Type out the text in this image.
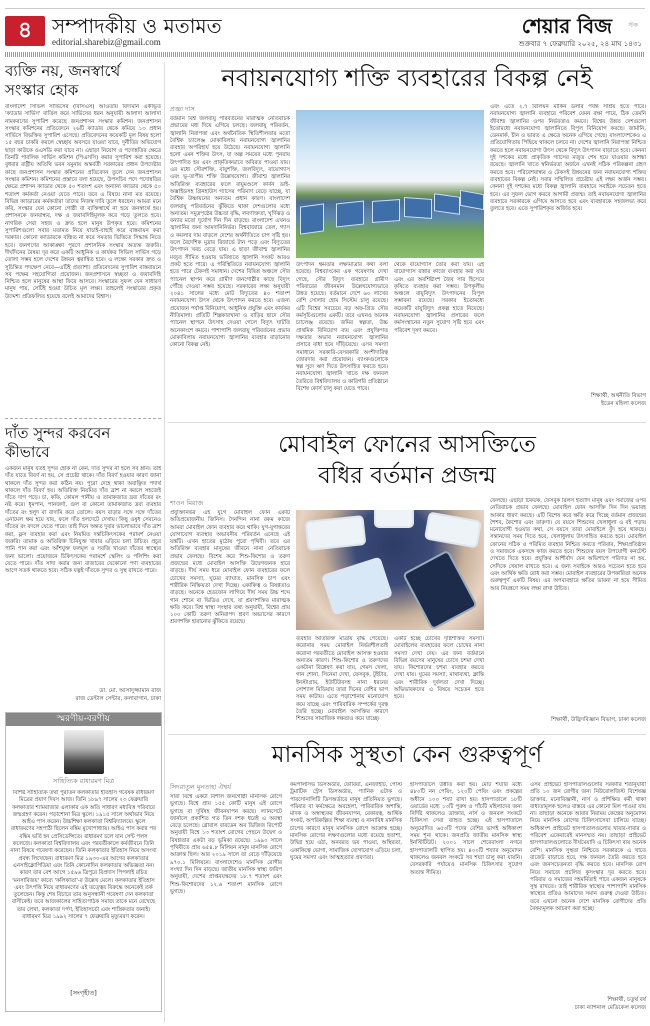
৪ সম্পাদকীয় ও মতামত
editorial.sharebiz@gmail.com
শেয়ার বিজ	স্টক
শুক্রবার ৭ ফেব্রুয়ারি ২০২৫, ২৪ মাঘ ১৪৩১
ব্যক্তি নয়, জনস্বার্থে সংস্কার হোক
বাংলাদেশ সিভিল সার্ভিসের (বিসিএস) আওতায় বিদ্যমান একীভূত 'ক্যাডার সার্ভিস' বাতিল করে সার্ভিসের ধরন অনুযায়ী আলাদা আলাদা নামকরণের সুপারিশ করেছে জনপ্রশাসন সংস্কার কমিশন। জনপ্রশাসন সংস্কার কমিশনের প্রতিবেদনে ২৬টি ক্যাডার থেকে কমিয়ে ১৩ প্রধান সার্ভিসে বিভক্তির সুপারিশ এসেছে। প্রতিবেদনের কয়েকটি মূল বিষয় হলো ১৫ বছর চাকরি করলে স্বেচ্ছায় অবসরে যাওয়া যাবে, দুর্নীতির অভিযোগ ছাড়া কাউকে ওএসডি করা যাবে না। এছাড়া নিয়োগ ও পদোন্নতির ক্ষেত্রে তিনটি পাবলিক সার্ভিস কমিশন (পিএসসি) করার সুপারিশ করা হয়েছে। বুধবার রাষ্ট্রীয় অতিথি ভবন যমুনায় অন্তর্বর্তী সরকারের প্রধান উপদেষ্টার কাছে জনপ্রশাসন সংস্কার কমিশনের প্রতিবেদন তুলে দেন জনপ্রশাসন সংস্কার কমিশন। কমিশনের প্রস্তাবে বলা হয়েছে, উপসচিব পদে পদোন্নতির ক্ষেত্রে প্রশাসন ক্যাডার থেকে ৫০ শতাংশ এবং অন্যান্য ক্যাডার থেকে ৫০ শতাংশ কর্মকর্তা নেওয়া যেতে পারে। তবে এ বিষয়ে নানা মত রয়েছে। বিভিন্ন ক্যাডারের কর্মকর্তারা তাদের নিজস্ব দাবি তুলে ধরছেন। আমরা মনে করি, সংস্কার যেন কোনো গোষ্ঠী বা ব্যক্তিস্বার্থে না হয়ে জনস্বার্থে হয়। প্রশাসনকে জনবান্ধব, দক্ষ ও জবাবদিহিমূলক করে গড়ে তুলতে হবে। নাগরিক সেবা সহজ ও দ্রুত হলে মানুষ উপকৃত হবে। কমিশনের সুপারিশগুলো সবার মতামত নিয়ে যাচাই-বাছাই করে বাস্তবায়ন করা দরকার। কোনো ক্যাডারকে বঞ্চিত না করে সমতার ভিত্তিতে সিদ্ধান্ত নিতে হবে। জনগণের আকাঙ্ক্ষা পূরণে প্রশাসনিক সংস্কার অত্যন্ত জরুরি। দীর্ঘদিনের বৈষম্য দূর করে একটি আধুনিক ও কার্যকর সিভিল সার্ভিস গড়ে তোলা সম্ভব হলে দেশের উন্নয়ন ত্বরান্বিত হবে। এ লক্ষ্যে সরকার দ্রুত ও সুচিন্তিত পদক্ষেপ নেবে—এটিই প্রত্যাশা। প্রতিবেদনের সুপারিশ বাস্তবায়নে সব পক্ষের সহযোগিতা প্রয়োজন। জনপ্রশাসনে স্বচ্ছতা ও জবাবদিহি নিশ্চিত হলে মানুষের আস্থা ফিরে আসবে। সংস্কারের সুফল যেন সাধারণ মানুষ পায়, সেটিই হওয়া উচিত মূল লক্ষ্য। তাহলেই সংস্কারের প্রকৃত উদ্দেশ্য প্রতিফলিত হয়েছে বলেই আমাদের বিশ্বাস।
দাঁত সুন্দর করবেন কীভাবে
একজন মানুষ যতই সুন্দর হোক না কেন, দাঁত সুন্দর না হলে সব ম্লান। তাই দাঁত যাতে বিবর্ণ না হয়, সে প্রচেষ্টা থাকে। দাঁত বিবর্ণ হওয়ার কারণ জানা থাকলে দাঁত সুন্দর করা কঠিন নয়। পুরো দেহে থাকা অবাঞ্ছিত পদার্থ থাকলে দাঁত বিবর্ণ হয়। অতিরিক্ত নিয়মিত দাঁত ব্রাশ না করলে সহজেই দাঁতে দাগ পড়ে। চা, কফি, কোমল পানীয় ও তামাকজাত দ্রব্য দাঁতের রং নষ্ট করে। ধূমপান, পানজর্দা, গুল বা কোনো তামাকজাত দ্রব্য ব্যবহার দাঁতের রং হলুদ বা বাদামি করে তোলে। বয়স বাড়ার সঙ্গে সঙ্গে দাঁতের এনামেল ক্ষয় হয়ে যায়, ফলে দাঁত হলদেটে দেখায়। কিছু ওষুধ সেবনেও দাঁতের রং বদলে যেতে পারে। তাই দিনে অন্তত দুবার ভালোভাবে দাঁত ব্রাশ করা, ফ্লস ব্যবহার করা এবং নিয়মিত দন্তচিকিৎসকের পরামর্শ নেওয়া জরুরি। তামাক ও অতিরিক্ত চিনিযুক্ত খাবার এড়িয়ে চলা উচিত। প্রচুর পানি পান করা এবং আঁশযুক্ত ফলমূল ও সবজি খাওয়া দাঁতের স্বাস্থ্যের জন্য ভালো। প্রয়োজনে চিকিৎসকের পরামর্শে স্কেলিং ও পলিশিং করা যেতে পারে। দাঁত সাদা করার জন্য বাজারের যেকোনো পণ্য ব্যবহারের আগে সতর্ক থাকতে হবে। সঠিক যত্নই দাঁতকে সুন্দর ও সুস্থ রাখতে পারে।
ডা. মো. আসাদুজ্জামান রাজ
রাজ ডেন্টাল সেন্টার, কলাবাগান, ঢাকা
স্মরণীয়-বরণীয়
সাহিত্যিক রাধারমণ মিত্র
বিশিষ্ট সাহিত্যিক তথা পুরাতন কলকাতার ইতিহাস গবেষক রাধারমণ মিত্রের প্রয়াণ দিবস আজ। তিনি ১৮৯৭ সালের ২৩ ফেব্রুয়ারি কলকাতার শ্যামবাজার এলাকার এক অতি সাধারণ মধ্যবিত্ত পরিবারে জন্মগ্রহণ করেন। পড়াশোনা মিত্র স্কুলে। ১৯১৫ সালে অর্থাভাব নিয়ে আইএ পাস করেন। উচ্চশিক্ষা কলকাতা বিশ্ববিদ্যালয়ে। স্কুলে রাধারমণের সহপাঠী ছিলেন বঙ্কিম মুখোপাধ্যায়। আইএ পাস করার পর বঙ্কিম ভর্তি হন প্রেসিডেন্সিতে। রাধারমণ চলে যান সেন্ট পলস কলেজে। কলকাতা বিশ্ববিদ্যালয় এবং পরবর্তীকালে কর্মজীবনে তিনি নানা বিষয়ে গবেষণা করেছেন। তিনি কলকাতার ইতিহাস নিয়ে অসংখ্য প্রবন্ধ লিখেছেন। রাধারমণ মিত্র ১৯৩০-এর আগের কলকাতার এনসাইক্লোপিডিয়া এবং তিনি কোনোদিন কলকাতার অভিজ্ঞতা নন। কারণ তার বেশ আগে ১৫৯৬ ত্রিপুরে বিপ্রদাস পিপলাই রচিত 'মনসাবিজয়' কাব্যে 'কলিকাতা'-র উল্লেখ মেলে। কলকাতার ইতিহাস এবং উৎপত্তি নিয়ে রাধারমণের এই তত্ত্বের বিরুদ্ধে অনেকেই তর্ক তুলেছেন। কিন্তু শেষ বিচারে তার অনুসন্ধানী গবেষণা দেন কলকাতা বাসীকেই। তবে আজকালের সাহিত্যপাঠক সমাজ তাকে মনে রেখেছে তার লেখা, কলকাতা দর্পণ, ইতিহাসচর্চা এবং শাস্ত্রিকতার জন্যই। রাধারমণ মিত্র ১৯৯২ সালের ৭ ফেব্রুয়ারি মৃত্যুবরণ করেন।
[সংগৃহীত]
নবায়নযোগ্য শক্তি ব্যবহারের বিকল্প নেই
প্রজ্ঞা দাস
বর্তমান বিশ্ব জলবায়ু পরিবর্তনের মারাত্মক নেতিবাচক প্রভাবের মধ্য দিয়ে এগিয়ে চলছে। জলবায়ু পরিবর্তন, জ্বালানি নিরাপত্তা এবং অর্থনৈতিক স্থিতিশীলতার মতো বৈশ্বিক চ্যালেঞ্জ মোকাবিলায় নবায়নযোগ্য জ্বালানির ব্যবহার অপরিহার্য হয়ে উঠেছে। নবায়নযোগ্য জ্বালানি হলো এমন শক্তির উৎস, যা অল্প সময়ের মধ্যে পুনরায় উৎপাদিত হয় এবং প্রাকৃতিকভাবে অবিরত পাওয়া যায়। এর মধ্যে সৌরশক্তি, বায়ুশক্তি, জলবিদ্যুৎ, বায়োগ্যাস এবং ভূ-তাপীয় শক্তি উল্লেখযোগ্য। জীবাশ্ম জ্বালানির অতিরিক্ত ব্যবহারের ফলে বায়ুমণ্ডলে কার্বন ডাই-অক্সাইডসহ গ্রিনহাউস গ্যাসের পরিমাণ বেড়ে যাচ্ছে, যা বৈশ্বিক উষ্ণায়নের অন্যতম প্রধান কারণ। বাংলাদেশ জলবায়ু পরিবর্তনের ঝুঁকিতে থাকা দেশগুলোর মধ্যে অন্যতম। সমুদ্রপৃষ্ঠের উচ্চতা বৃদ্ধি, লবণাক্ততা, ঘূর্ণিঝড় ও বন্যার মতো দুর্যোগ দিন দিন বাড়ছে। বাংলাদেশ এখনও জ্বালানির জন্য আমদানিনির্ভর। বিশ্ববাজারে তেল, গ্যাস ও কয়লার দাম বাড়লে দেশের অর্থনীতিতে চাপ সৃষ্টি হয়। ফলে বৈদেশিক মুদ্রার রিজার্ভে টান পড়ে এবং বিদ্যুতের উৎপাদন খরচ বেড়ে যায়। এ ছাড়া জীবাশ্ম জ্বালানির মজুত সীমিত হওয়ায় ভবিষ্যতে জ্বালানি সংকট আরও প্রকট হতে পারে। এ পরিস্থিতিতে নবায়নযোগ্য জ্বালানি হতে পারে টেকসই সমাধান। দেশের বিভিন্ন অঞ্চলে সৌর প্যানেল স্থাপন করে গ্রামীণ জনগোষ্ঠীর কাছে বিদ্যুৎ পৌঁছে দেওয়া সম্ভব হয়েছে। সরকারের লক্ষ্য অনুযায়ী ২০৪১ সালের মধ্যে মোট বিদ্যুতের ৪০ শতাংশ নবায়নযোগ্য উৎস থেকে উৎপাদন করতে হবে। এজন্য প্রয়োজন পর্যাপ্ত বিনিয়োগ, আধুনিক প্রযুক্তি এবং কার্যকর নীতিমালা। প্রতিটি শিল্পকারখানা ও বাড়ির ছাদে সৌর প্যানেল স্থাপনে উৎসাহ দেওয়া গেলে বিদ্যুৎ ঘাটতি অনেকাংশে কমবে। পাশাপাশি জলবায়ু পরিবর্তনের প্রভাব মোকাবিলায় নবায়নযোগ্য জ্বালানির ব্যবহার বাড়ানোর কোনো বিকল্প নেই।
উৎপাদন ক্ষমতার লক্ষ্যমাত্রার কথা বলা হয়েছে। বিশ্বব্যাংকের এক গবেষণায় দেখা গেছে, সৌর বিদ্যুৎ ব্যবহারে গ্রামীণ পরিবারের জীবনমান উল্লেখযোগ্যভাবে উন্নত হয়েছে। বর্তমানে দেশে ৬০ লাখের বেশি সোলার হোম সিস্টেম চালু রয়েছে। এটি বিশ্বের সবচেয়ে বড় অফ-গ্রিড সৌর কর্মসূচিগুলোর একটি। তবে এখনও অনেক চ্যালেঞ্জ রয়েছে। জমির স্বল্পতা, উচ্চ প্রাথমিক বিনিয়োগ ব্যয় এবং প্রযুক্তিগত দক্ষতার অভাব নবায়নযোগ্য জ্বালানির প্রসারে বাধা হয়ে দাঁড়িয়েছে। এসব সমস্যা সমাধানে সরকারি-বেসরকারি অংশীদারিত্ব জোরদার করা প্রয়োজন। ব্যাংকগুলোকে স্বল্প সুদে ঋণ দিতে উৎসাহিত করতে হবে। নবায়নযোগ্য জ্বালানি খাতে দক্ষ জনবল তৈরিতে বিশ্ববিদ্যালয় ও কারিগরি প্রতিষ্ঠানে বিশেষ কোর্স চালু করা যেতে পারে।
থেকে বায়োগ্যাস তৈরি করা যায়। এই বায়োগ্যাস রান্নার কাজে ব্যবহার করা যায় এবং এর অবশিষ্টাংশ জৈব সার হিসেবে কৃষিতে ব্যবহার করা সম্ভব। উপকূলীয় অঞ্চলে বায়ুবিদ্যুৎ উৎপাদনের বিপুল সম্ভাবনা রয়েছে। সরকার ইতোমধ্যে কয়েকটি বায়ুবিদ্যুৎ প্রকল্প হাতে নিয়েছে। নবায়নযোগ্য জ্বালানির প্রসারের ফলে কর্মসংস্থানের নতুন সুযোগ সৃষ্টি হবে এবং পরিবেশ দূষণ কমবে।
এবং এতে ২.৭ বিলিয়ন মার্কিন ডলার পর্যন্ত সাশ্রয় হতে পারে। নবায়নযোগ্য জ্বালানি ব্যবহারে পরিবেশ যেমন রক্ষা পাবে, ঠিক তেমনি জীবাশ্ম জ্বালানির ওপর নির্ভরতাও কমবে। বিশ্বের উন্নত দেশগুলো ইতোমধ্যে নবায়নযোগ্য জ্বালানিতে বিপুল বিনিয়োগ করছে। জার্মানি, ডেনমার্ক, চীন ও ভারত এ ক্ষেত্রে অনেক এগিয়ে গেছে। বাংলাদেশকেও এ প্রতিযোগিতায় পিছিয়ে থাকলে চলবে না। দেশের জ্বালানি নিরাপত্তা নিশ্চিত করতে হলে নবায়নযোগ্য উৎস থেকে বিদ্যুৎ উৎপাদন বাড়াতে হবে। কেননা দুই দশকের মধ্যে প্রাকৃতিক গ্যাসের মজুত শেষ হয়ে যাওয়ার আশঙ্কা রয়েছে। জ্বালানি খাতে স্বনির্ভরতা অর্জনে এখনই সঠিক পরিকল্পনা গ্রহণ করতে হবে। পরিবেশবান্ধব ও টেকসই উন্নয়নের জন্য নবায়নযোগ্য শক্তির ব্যবহারের বিকল্প নেই। সবার সম্মিলিত প্রচেষ্টায় এই লক্ষ্য অর্জন সম্ভব। কেননা দুই দশকের মধ্যে বিকল্প জ্বালানি ব্যবহারে সবাইকে সচেতন হতে হবে। এর সুফল ভোগ করবে আগামী প্রজন্ম। তাই নবায়নযোগ্য জ্বালানির ব্যবহারে সরকারকে এগিয়ে আসতে হবে এবং ব্যবহারকে সহজলভ্য করে তুলতে হবে। এতে সুপারিশকৃত অর্জিত হবে।
শিক্ষার্থী, অর্থনীতি বিভাগ
ইডেন মহিলা কলেজ
মোবাইল ফোনের আসক্তিতে
বধির বর্তমান প্রজন্ম
শাওন মিরাজ
প্রযুক্তিনির্ভর এই যুগে মোবাইল ফোন একটি অতিপ্রয়োজনীয় জিনিস। দৈনন্দিন নানা রকম কাজে আমরা মোবাইল ফোন ব্যবহার করে থাকি। যুগ-যুগান্তরের যোগাযোগ ব্যবস্থার অভাবনীয় পরিবর্তন এনেছে এই যন্ত্রটি। এখন হাতের মুঠোয় পুরো পৃথিবী। তবে এর অতিরিক্ত ব্যবহার মানুষের জীবনে নানা নেতিবাচক প্রভাব ফেলছে। বিশেষ করে শিশু-কিশোর ও তরুণ প্রজন্মের মধ্যে মোবাইল আসক্তি উদ্বেগজনক হারে বাড়ছে। দীর্ঘ সময় ধরে মোবাইল ফোন ব্যবহারের ফলে চোখের সমস্যা, ঘুমের ব্যাঘাত, মানসিক চাপ এবং শারীরিক নিষ্ক্রিয়তা দেখা দিচ্ছে। একাকিত্ব ও বিষণ্ণতাও বাড়ছে। অনেকে হেডফোন লাগিয়ে দীর্ঘ সময় উচ্চ শব্দে গান শোনে বা ভিডিও দেখে, যা শ্রবণশক্তির মারাত্মক ক্ষতি করে। বিশ্ব স্বাস্থ্য সংস্থার তথ্য অনুযায়ী, বিশ্বের প্রায় ১০০ কোটি তরুণ অনিরাপদ শ্রবণ অভ্যাসের কারণে শ্রবণশক্তি হারানোর ঝুঁকিতে রয়েছে।
ব্যবহার অতিরিক্ত মাত্রায় বৃদ্ধি পেয়েছে। করোনার সময় মোবাইল নির্ভরশীলতাই করোনা পরবর্তীতে মোবাইল আসক্ত হওয়ার অন্যতম কারণ। শিশু-কিশোর ও তরুণদের একটানা বিশ্লেষণ করা যায়, গেমস খেলা, গান শোনা, সিনেমা দেখা, ফেসবুক, টুইটার, ইনস্টাগ্রাম, ইউটিউবসহ নানা ধরনের সোশ্যাল মিডিয়ায় তারা দিনের বেশির ভাগ সময় কাটায়। এতে পড়াশোনায় মনোযোগ কমে যাচ্ছে এবং পারিবারিক সম্পর্কের দূরত্ব তৈরি হচ্ছে। মোবাইল আসক্তির কারণে শিশুদের সামাজিক দক্ষতাও কমে যাচ্ছে।
একটি হচ্ছে চোখের দৃষ্টিশক্তির সমস্যা। মোবাইলের ব্যবহারের ফলে চোখের নানা সমস্যা দেখা দেয়। এর জন্য বর্তমানে বিভিন্ন বয়সের মানুষের চোখে চশমা দেখা যায়। কিশোরদের চশমা ব্যবহার করতে দেখা যায়। ঘুমের সমস্যা, মাথাব্যথা, ক্লান্তি এবং শারীরিক দুর্বলতা দেখা দিচ্ছে। অভিভাবকদের এ বিষয়ে সচেতন হতে হবে।
ফেলছে। এছাড়া টিকটক, ফেসবুক রিলস ইত্যাদি মানুষ এবং সমাজের ওপর নেতিবাচক প্রভাব ফেলছে। মোবাইল ফোন আসক্তি দিন দিন ভয়াবহ আকার ধারণ করছে। এটি বিশেষ করে ক্ষতি করে দিচ্ছে বর্তমান প্রজন্মের শৈশব, কৈশোর এবং তারুণ্য। যে বয়সে শিশুদের খেলাধুলা ও বই পড়ায় মনোযোগী হওয়ার কথা, সে বয়সে তারা মোবাইলে বুঁদ হয়ে থাকছে। সন্তানদের সময় দিতে হবে, খেলাধুলায় উৎসাহিত করতে হবে। মোবাইল ফোনের সঠিক ও পরিমিত ব্যবহার নিশ্চিত করতে পরিবার, শিক্ষাপ্রতিষ্ঠান ও সমাজকে একসঙ্গে কাজ করতে হবে। শিশুদের বয়স উপযোগী কনটেন্ট দেখতে দিতে হবে। প্রযুক্তির আশীর্বাদ যেন অভিশাপে পরিণত না হয়, সেদিকে খেয়াল রাখতে হবে। এ জন্য সবাইকে আরও সচেতন হতে হবে এবং আর্থিক ক্ষতি রোধ করা সম্ভব। মোবাইল ব্যবহারের উপকারিতা অনেক গুরুত্বপূর্ণ একটি বিষয়। এর অপব্যবহারে ক্ষতির ভাবনা না হয়ে সীমিত আর নিয়ন্ত্রণে সময় লক্ষ্য রাখা উচিত।
শিক্ষার্থী, উদ্ভিদবিজ্ঞান বিভাগ, ঢাকা কলেজ
মানসিক সুস্থতা কেন গুরুত্বপূর্ণ
সিদরাতুল মুনতাহা ঐশ্বর্য
সারা বিশ্বে একটা বিশাল জনগোষ্ঠী মানসিক রোগে ভুগছে। বিশ্বে প্রায় ১৫৫ কোটি মানুষ এই রোগে ভুগছে বা দুর্বিষহ জীবনযাপন করছে। ল্যানসেটে জার্নালে প্রকাশিত গত তিন দশক ধরেই এ অবস্থা বেড়ে চলেছে। গ্লোবাল বারডেন অব ডিজিজ রিপোর্ট অনুযায়ী বিশ্বে ১৩ শতাংশ রোগের পেছনে উদ্বেগ ও বিষণ্ণতার একটা বড় ভূমিকা রয়েছে। ১৯৯০ সালে পৃথিবীতে প্রায় ৬৫৪.৮ মিলিয়ন মানুষ মানসিক রোগে আক্রান্ত ছিল। আর ২০১৯ সালে তা বেড়ে দাঁড়িয়েছে ৯৭০.১ মিলিয়নে। বাংলাদেশেও মানসিক রোগীর সংখ্যা দিন দিন বাড়ছে। জাতীয় মানসিক স্বাস্থ্য জরিপ অনুযায়ী, দেশের প্রাপ্তবয়স্কদের ১৮.৭ শতাংশ এবং শিশু-কিশোরদের ১২.৬ শতাংশ মানসিক রোগে ভুগছে।
কমপালসিভ ডিসঅর্ডার, ফোবিয়া, এনজাইটি, পোস্ট ট্রমাটিক স্ট্রেস ডিসঅর্ডার, প্যানিক এটাক ও পারসোনালিটি ডিসঅর্ডারে মানুষ প্রতিনিয়ত ভুগছে। পরিবার বা কর্মক্ষেত্রে অবহেলা, পারিবারিক অশান্তি, মাদক ও অস্বাস্থ্যকর জীবনযাপন, বেকারত্ব, আর্থিক সংকট, অপরিকল্পিত শিক্ষা ব্যবস্থা ও নানাবিধ মানসিক চাপের কারণে মানুষ মানসিক রোগে আক্রান্ত হচ্ছে। মানসিক রোগের লক্ষণগুলোর মধ্যে রয়েছে হতাশা, উদ্বিগ্ন হয়ে ওঠা, অনবরত ভয় পাওয়া, অস্থিরতা, একাকিত্বে ভোগা, সামাজিক যোগাযোগ এড়িয়ে চলা, ঘুমের সমস্যা এবং আত্মহত্যার প্রবণতা।
হাসপাতালে উন্নীত করা হয়। মোট শয্যার মধ্যে ৪৮০টি নন পেয়িং, ১২০টি পেয়িং এবং প্রকল্পের অধীনে ১০০ শয্যা রাখা হয়। হাসপাতালে ১৮টি ওয়ার্ডের মধ্যে ১৩টি পুরুষ ও পাঁচটি মহিলাদের জন্য নির্দিষ্ট থাকলেও ডাক্তার, নার্স ও জনবল সংকটে চিকিৎসা সেবা ব্যাহত হচ্ছে। এই হাসপাতালে অনুমোদিত ৬৫৩টি পদের বেশির ভাগই অধিকাংশ সময় শূন্য থাকে। জনপ্রতি জাতীয় মানসিক স্বাস্থ্য ইনস্টিটিউট। ২০০১ সালে শেরেবাংলা নগরে হাসপাতালটি স্থাপিত হয়। ৪০০টি শয্যার অনুমোদন থাকলেও জনবল সংকটে সব শয্যা চালু করা যায়নি। বেসরকারি পর্যায়েও মানসিক চিকিৎসার সুযোগ অত্যন্ত সীমিত।
এসব প্রাইভেট হাসপাতালগুলোর সরকারি শর্তানুযায়ী প্রতি ১০ জন রোগীর জন্য নিউরোলজিস্ট বিশেষজ্ঞ ডাক্তার, মনোবিজ্ঞানী, নার্স ও প্রশিক্ষিত কর্মী থাকা বাধ্যতামূলক হলেও বাস্তবে এর কোনো মিল পাওয়া যায় না। তাছাড়া অনেকে আবার নিরাময় কেন্দ্রের অনুমোদন নিয়ে মানসিক রোগের চিকিৎসাসেবা চালিয়ে যাচ্ছে। অধিকাংশ প্রাইভেট হাসপাতালগুলোর খাবার-দাবার ও পরিবেশ একেবারেই মানসম্মত নয়। তাছাড়া প্রাইভেট হাসপাতালগুলোতে দীর্ঘমেয়াদি এ চিকিৎসা ব্যয় অনেক বেশি। মানসিক সুস্থতা নিশ্চিতে সরকারকে এ খাতে বাজেট বাড়াতে হবে, দক্ষ জনবল তৈরি করতে হবে এবং জনসচেতনতা বৃদ্ধি করতে হবে। মানসিক রোগ নিয়ে সমাজে প্রচলিত কুসংস্কার দূর করতে হবে। পরিবার ও সমাজের সহমর্মিতাই পারে একজন মানুষকে সুস্থ রাখতে। তাই শারীরিক স্বাস্থ্যের পাশাপাশি মানসিক স্বাস্থ্যের প্রতিও আমাদের সমান গুরুত্ব দেওয়া উচিত। তবে এখনো অনেক দেশে মানসিক রোগীদের প্রতি বৈষম্যমূলক আচরণ করা হচ্ছে।
শিক্ষার্থী, চতুর্থ বর্ষ
ঢাকা ন্যাশনাল মেডিকেল কলেজ
